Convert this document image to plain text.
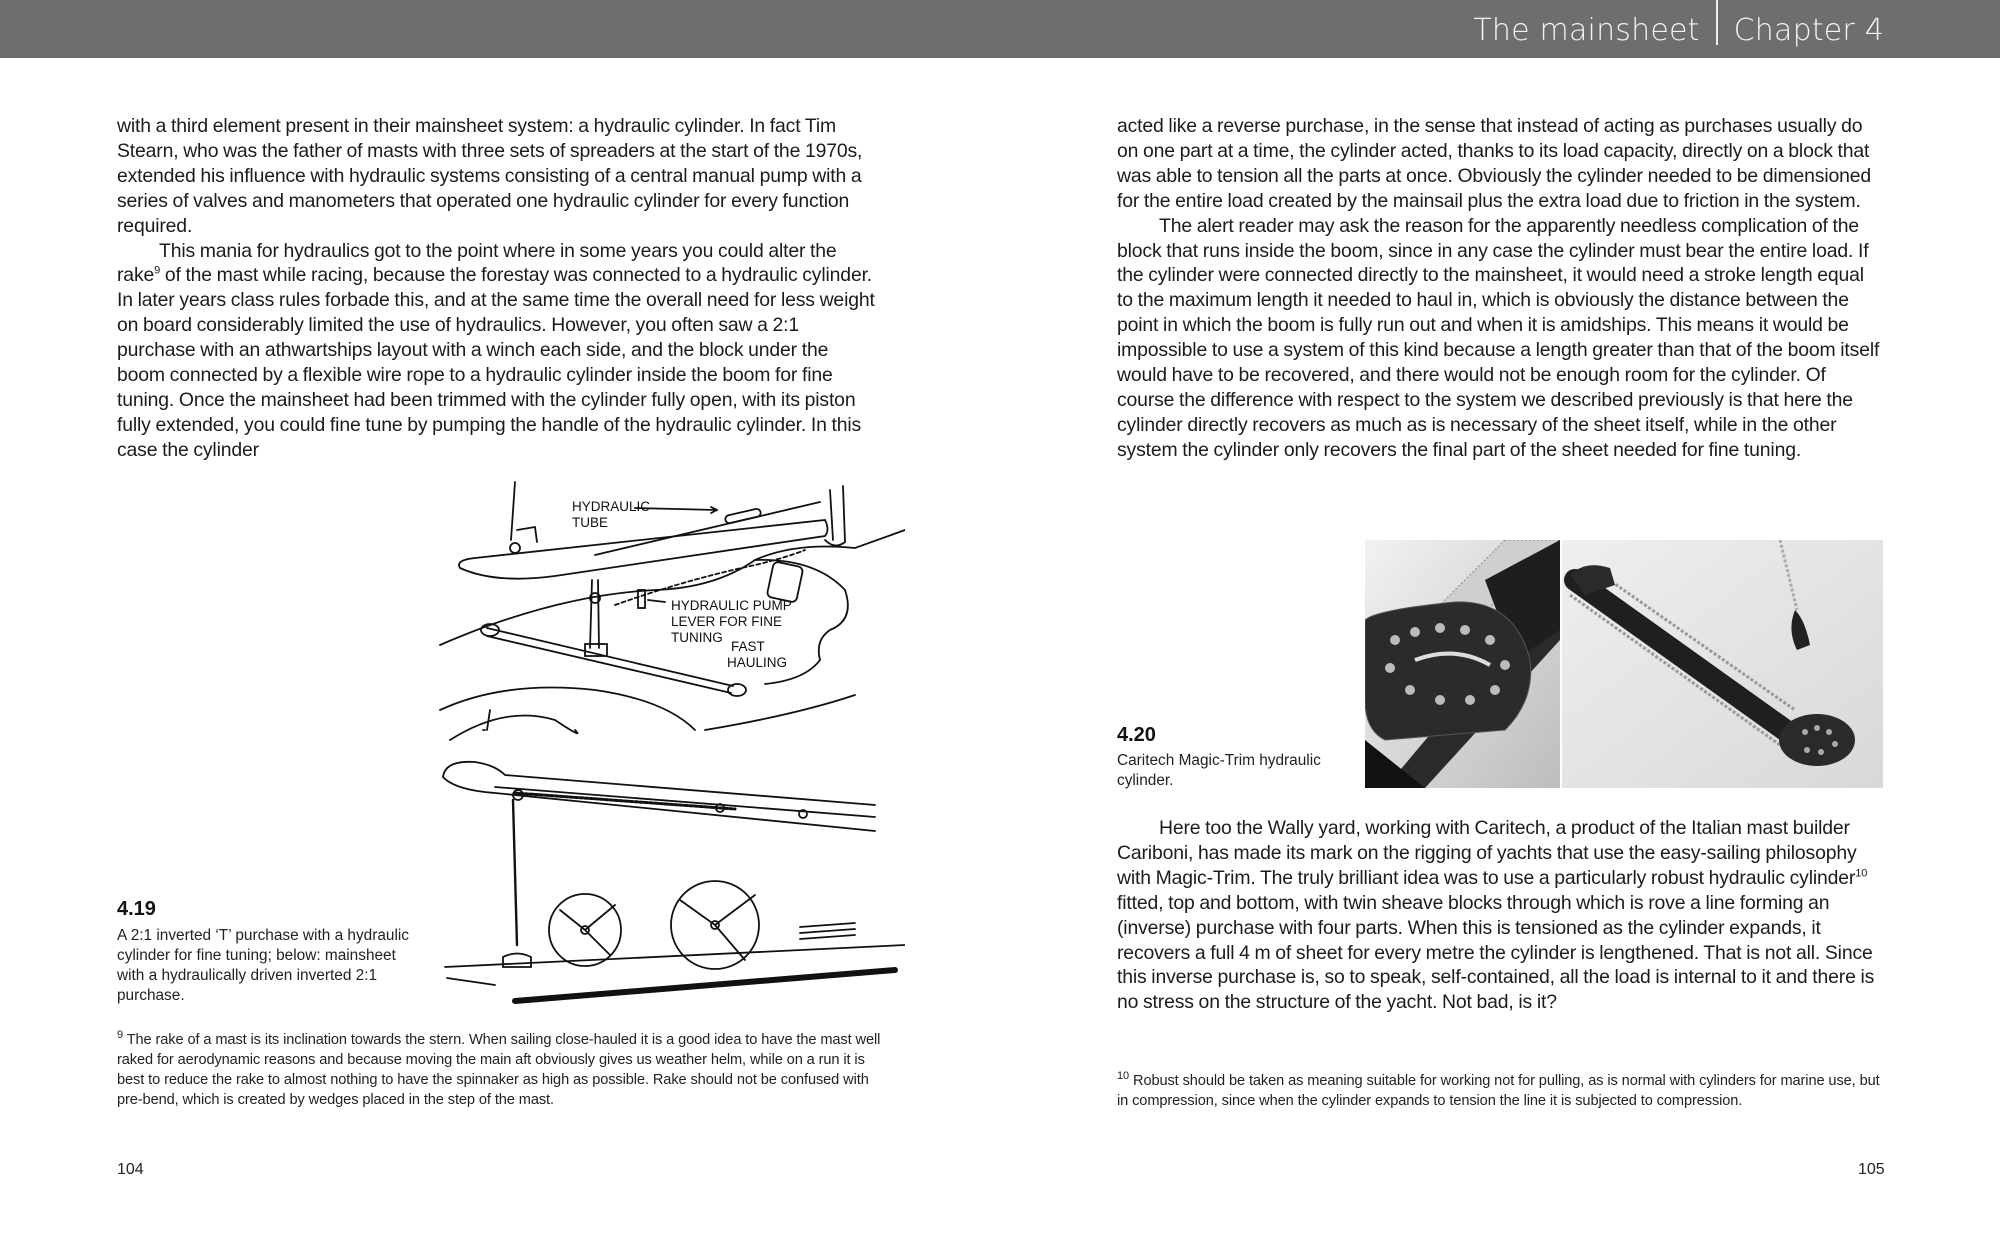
The mainsheet Chapter 4

with a third element present in their mainsheet system: a hydraulic cylinder. In fact Tim Stearn, who was the father of masts with three sets of spreaders at the start of the 1970s, extended his influence with hydraulic systems consisting of a central manual pump with a series of valves and manometers that operated one hydraulic cylinder for every function required.

This mania for hydraulics got to the point where in some years you could alter the rake$^9$ of the mast while racing, because the forestay was connected to a hydraulic cylinder. In later years class rules forbade this, and at the same time the overall need for less weight on board considerably limited the use of hydraulics. However, you often saw a 2:1 purchase with an athwartships layout with a winch each side, and the block under the boom connected by a flexible wire rope to a hydraulic cylinder inside the boom for fine tuning. Once the mainsheet had been trimmed with the cylinder fully open, with its piston fully extended, you could fine tune by pumping the handle of the hydraulic cylinder. In this case the cylinder

HYDRAULIC
TUBE
HYDRAULIC PUMP
LEVER FOR FINE
TUNING
FAST
HAULING
4.19
A 2:1 inverted ‘T’ purchase with a hydraulic cylinder for fine tuning; below: mainsheet with a hydraulically driven inverted 2:1 purchase.
$^9$ The rake of a mast is its inclination towards the stern. When sailing close-hauled it is a good idea to have the mast well raked for aerodynamic reasons and because moving the main aft obviously gives us weather helm, while on a run it is best to reduce the rake to almost nothing to have the spinnaker as high as possible. Rake should not be confused with pre-bend, which is created by wedges placed in the step of the mast.
104

acted like a reverse purchase, in the sense that instead of acting as purchases usually do on one part at a time, the cylinder acted, thanks to its load capacity, directly on a block that was able to tension all the parts at once. Obviously the cylinder needed to be dimensioned for the entire load created by the mainsail plus the extra load due to friction in the system.

The alert reader may ask the reason for the apparently needless complication of the block that runs inside the boom, since in any case the cylinder must bear the entire load. If the cylinder were connected directly to the mainsheet, it would need a stroke length equal to the maximum length it needed to haul in, which is obviously the distance between the point in which the boom is fully run out and when it is amidships. This means it would be impossible to use a system of this kind because a length greater than that of the boom itself would have to be recovered, and there would not be enough room for the cylinder. Of course the difference with respect to the system we described previously is that here the cylinder directly recovers as much as is necessary of the sheet itself, while in the other system the cylinder only recovers the final part of the sheet needed for fine tuning.

4.20
Caritech Magic-Trim hydraulic cylinder.

Here too the Wally yard, working with Caritech, a product of the Italian mast builder Cariboni, has made its mark on the rigging of yachts that use the easy-sailing philosophy with Magic-Trim. The truly brilliant idea was to use a particularly robust hydraulic cylinder$^{10}$ fitted, top and bottom, with twin sheave blocks through which is rove a line forming an (inverse) purchase with four parts. When this is tensioned as the cylinder expands, it recovers a full 4 m of sheet for every metre the cylinder is lengthened. That is not all. Since this inverse purchase is, so to speak, self-contained, all the load is internal to it and there is no stress on the structure of the yacht. Not bad, is it?

$^{10}$ Robust should be taken as meaning suitable for working not for pulling, as is normal with cylinders for marine use, but in compression, since when the cylinder expands to tension the line it is subjected to compression.
105
